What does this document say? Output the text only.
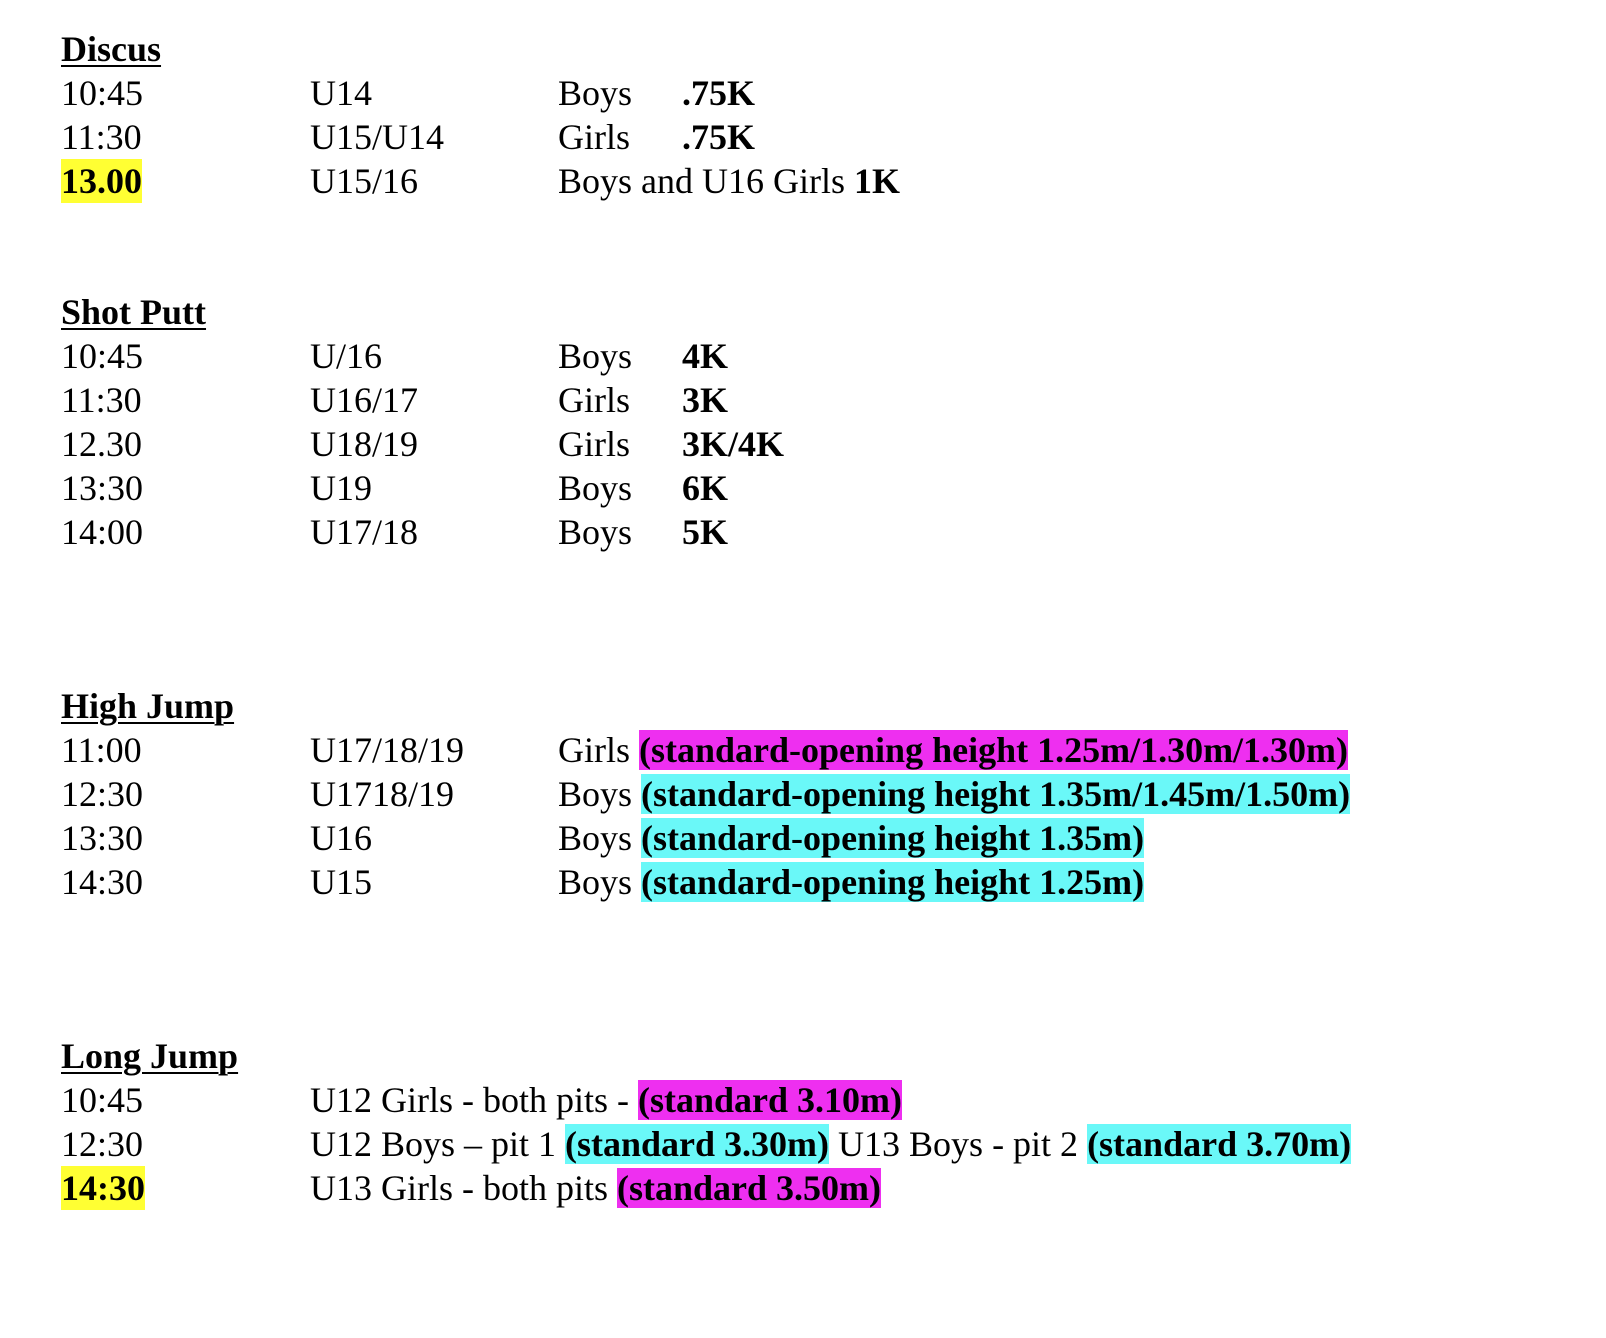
Discus
10:45	U14	Boys .75K
11:30	U15/U14	Girls .75K
13.00	U15/16	Boys and U16 Girls 1K
Shot Putt
10:45	U/16	Boys 4K
11:30	U16/17	Girls 3K
12.30	U18/19	Girls 3K/4K
13:30	U19	Boys 6K
14:00	U17/18	Boys 5K
High Jump
11:00	U17/18/19	Girls (standard-opening height 1.25m/1.30m/1.30m)
12:30	U1718/19	Boys (standard-opening height 1.35m/1.45m/1.50m)
13:30	U16	Boys (standard-opening height 1.35m)
14:30	U15	Boys (standard-opening height 1.25m)
Long Jump
10:45	U12 Girls - both pits - (standard 3.10m)
12:30	U12 Boys – pit 1 (standard 3.30m) U13 Boys - pit 2 (standard 3.70m)
14:30	U13 Girls - both pits (standard 3.50m)
